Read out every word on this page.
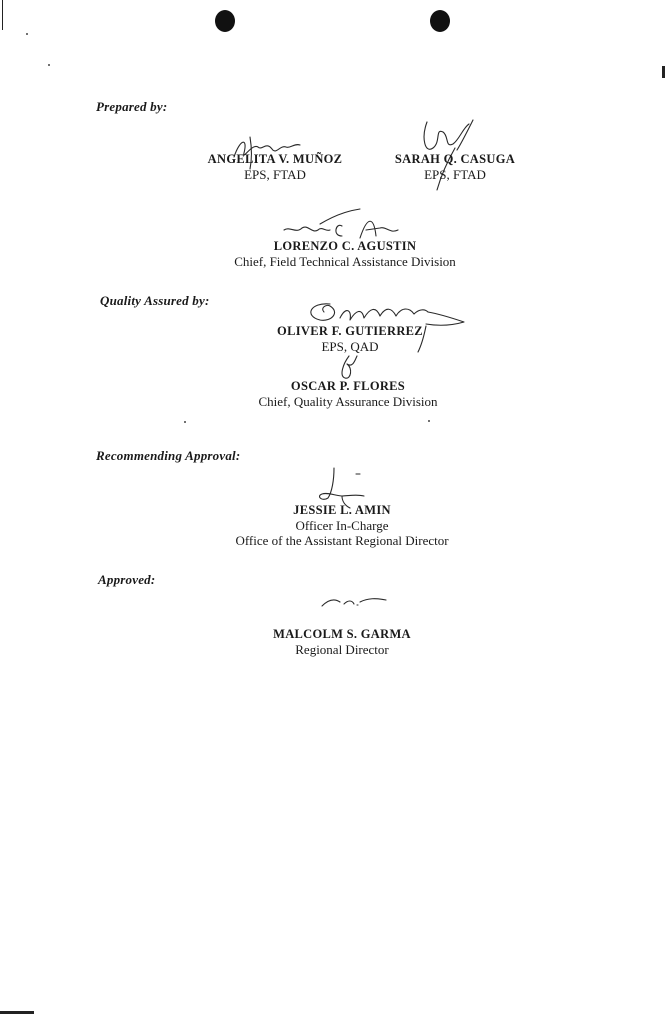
Prepared by:
ANGELITA V. MUÑOZ
EPS, FTAD
SARAH Q. CASUGA
EPS, FTAD
LORENZO C. AGUSTIN
Chief, Field Technical Assistance Division
Quality Assured by:
OLIVER F. GUTIERREZ
EPS, QAD
OSCAR P. FLORES
Chief, Quality Assurance Division
Recommending Approval:
JESSIE L. AMIN
Officer In-Charge
Office of the Assistant Regional Director
Approved:
MALCOLM S. GARMA
Regional Director
